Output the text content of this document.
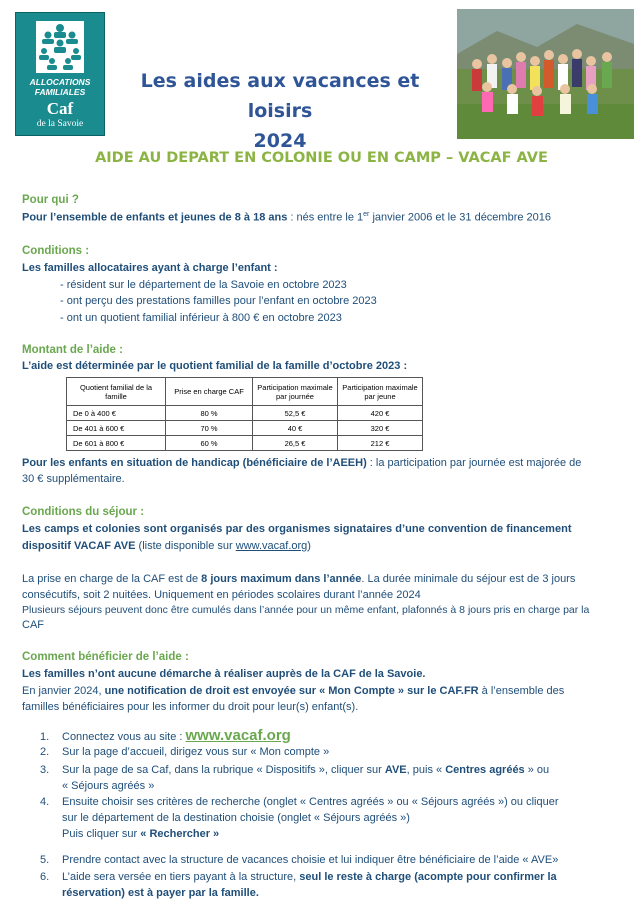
ALLOCATIONS
FAMILIALES
Caf
de la Savoie
Les aides aux vacances et loisirs
2024
AIDE AU DEPART EN COLONIE OU EN CAMP – VACAF AVE
Pour qui ?
Pour l’ensemble de enfants et jeunes de 8 à 18 ans : nés entre le 1er janvier 2006 et le 31 décembre 2016
Conditions :
Les familles allocataires ayant à charge l’enfant :
- résident sur le département de la Savoie en octobre 2023
- ont perçu des prestations familles pour l’enfant en octobre 2023
- ont un quotient familial inférieur à 800 € en octobre 2023
Montant de l’aide :
L’aide est déterminée par le quotient familial de la famille d’octobre 2023 :
Quotient familial de la famille	Prise en charge CAF	Participation maximale par journée	Participation maximale par jeune
De 0 à 400 €	80 %	52,5 €	420 €
De 401 à 600 €	70 %	40 €	320 €
De 601 à 800 €	60 %	26,5 €	212 €
Pour les enfants en situation de handicap (bénéficiaire de l’AEEH) : la participation par journée est majorée de
30 € supplémentaire.
Conditions du séjour :
Les camps et colonies sont organisés par des organismes signataires d’une convention de financement
dispositif VACAF AVE (liste disponible sur www.vacaf.org)
La prise en charge de la CAF est de 8 jours maximum dans l’année. La durée minimale du séjour est de 3 jours
consécutifs, soit 2 nuitées. Uniquement en périodes scolaires durant l’année 2024
Plusieurs séjours peuvent donc être cumulés dans l’année pour un même enfant, plafonnés à 8 jours pris en charge par la
CAF
Comment bénéficier de l’aide :
Les familles n’ont aucune démarche à réaliser auprès de la CAF de la Savoie.
En janvier 2024, une notification de droit est envoyée sur « Mon Compte » sur le CAF.FR à l’ensemble des
familles bénéficiaires pour les informer du droit pour leur(s) enfant(s).
1. Connectez vous au site : www.vacaf.org
2. Sur la page d’accueil, dirigez vous sur « Mon compte »
3. Sur la page de sa Caf, dans la rubrique « Dispositifs », cliquer sur AVE, puis « Centres agréés » ou
« Séjours agréés »
4. Ensuite choisir ses critères de recherche (onglet « Centres agréés » ou « Séjours agréés ») ou cliquer
sur le département de la destination choisie (onglet « Séjours agréés »)
Puis cliquer sur « Rechercher »
5. Prendre contact avec la structure de vacances choisie et lui indiquer être bénéficiaire de l’aide « AVE»
6. L’aide sera versée en tiers payant à la structure, seul le reste à charge (acompte pour confirmer la
réservation) est à payer par la famille.
